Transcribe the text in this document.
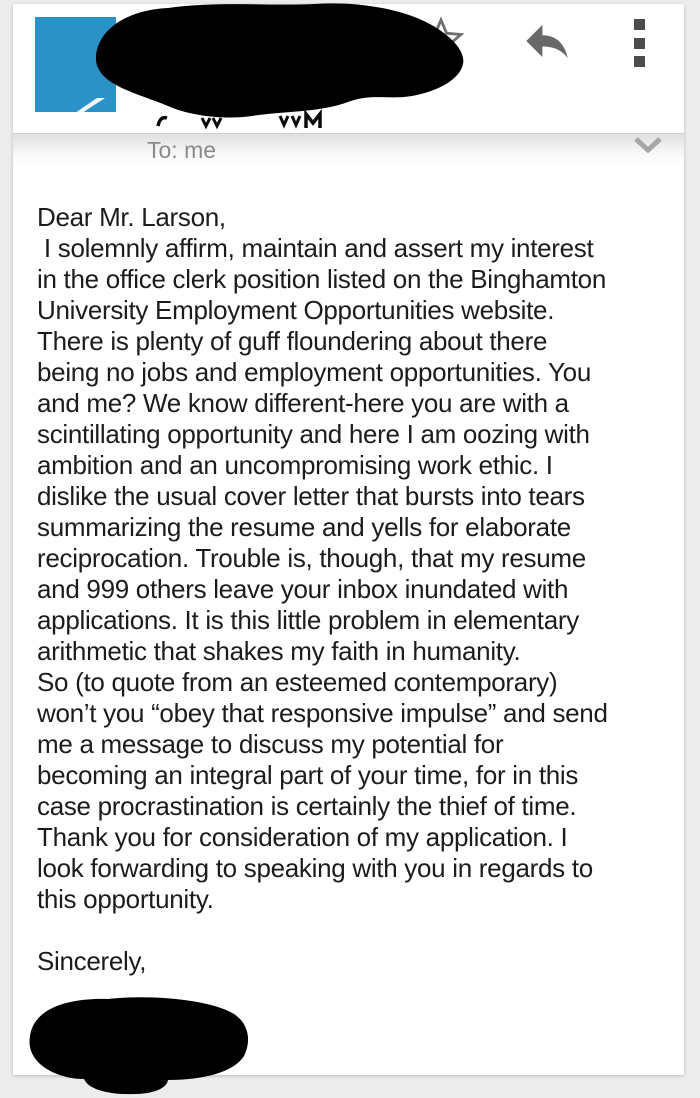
To: me
Dear Mr. Larson,
I solemnly affirm, maintain and assert my interest
in the office clerk position listed on the Binghamton
University Employment Opportunities website.
There is plenty of guff floundering about there
being no jobs and employment opportunities. You
and me? We know different-here you are with a
scintillating opportunity and here I am oozing with
ambition and an uncompromising work ethic. I
dislike the usual cover letter that bursts into tears
summarizing the resume and yells for elaborate
reciprocation. Trouble is, though, that my resume
and 999 others leave your inbox inundated with
applications. It is this little problem in elementary
arithmetic that shakes my faith in humanity.
So (to quote from an esteemed contemporary)
won’t you “obey that responsive impulse” and send
me a message to discuss my potential for
becoming an integral part of your time, for in this
case procrastination is certainly the thief of time.
Thank you for consideration of my application. I
look forwarding to speaking with you in regards to
this opportunity.
Sincerely,
